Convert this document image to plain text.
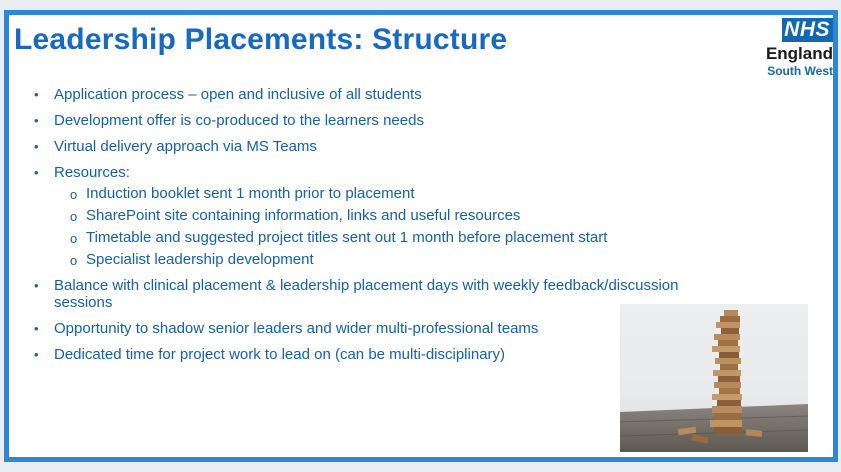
Leadership Placements: Structure	NHS
England
South West
• Application process – open and inclusive of all students
• Development offer is co-produced to the learners needs
• Virtual delivery approach via MS Teams
• Resources:
o Induction booklet sent 1 month prior to placement
o SharePoint site containing information, links and useful resources
o Timetable and suggested project titles sent out 1 month before placement start
o Specialist leadership development
• Balance with clinical placement & leadership placement days with weekly feedback/discussion sessions
• Opportunity to shadow senior leaders and wider multi-professional teams
• Dedicated time for project work to lead on (can be multi-disciplinary)
